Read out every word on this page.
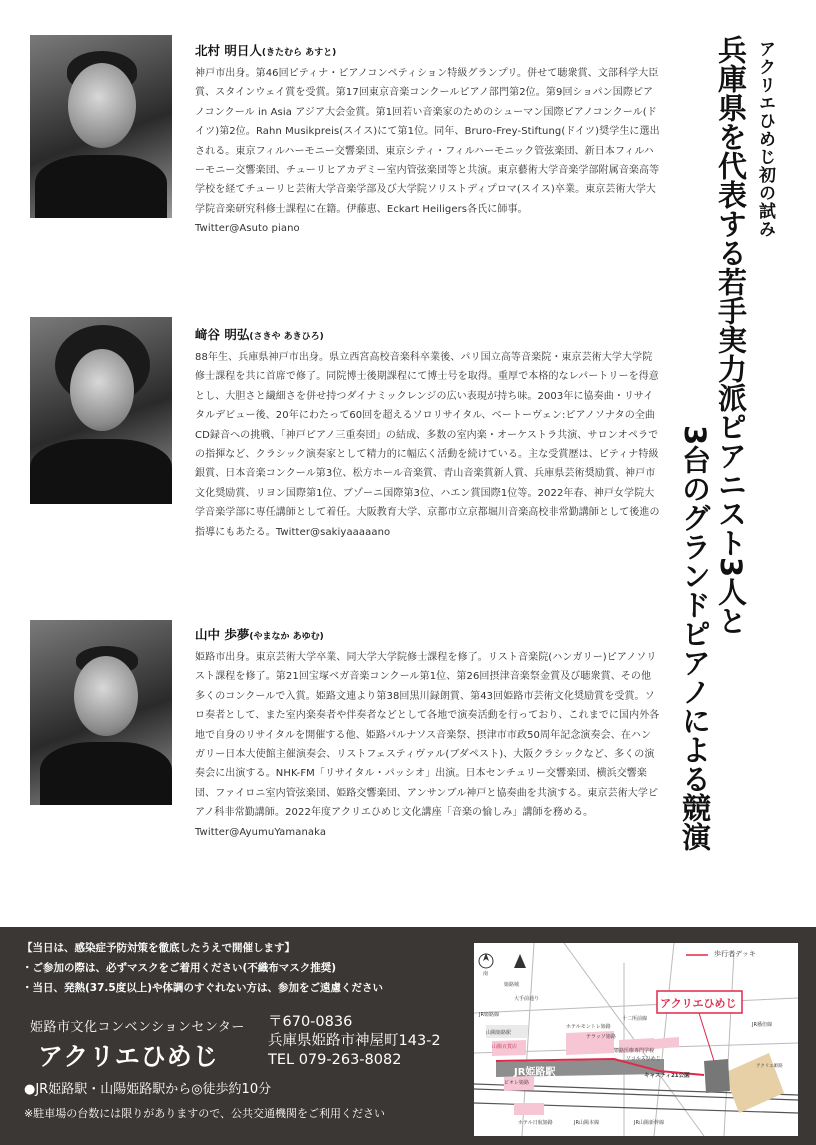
アクリエひめじ初の試み
兵庫県を代表する若手実力派ピアニスト3人と
3台のグランドピアノによる競演
北村 明日人(きたむら あすと)
神戸市出身。第46回ピティナ・ピアノコンペティション特級グランプリ。併せて聴衆賞、文部科学大臣賞、スタインウェイ賞を受賞。第17回東京音楽コンクールピアノ部門第2位。第9回ショパン国際ピアノコンクール in Asia アジア大会金賞。第1回若い音楽家のためのシューマン国際ピアノコンクール(ドイツ)第2位。Rahn Musikpreis(スイス)にて第1位。同年、Bruro-Frey-Stiftung(ドイツ)奨学生に選出される。東京フィルハーモニー交響楽団、東京シティ・フィルハーモニック管弦楽団、新日本フィルハーモニー交響楽団、チューリヒアカデミー室内管弦楽団等と共演。東京藝術大学音楽学部附属音楽高等学校を経てチューリヒ芸術大学音楽学部及び大学院ソリストディプロマ(スイス)卒業。東京芸術大学大学院音楽研究科修士課程に在籍。伊藤恵、Eckart Heiligers各氏に師事。
Twitter@Asuto piano
﨑谷 明弘(さきや あきひろ)
88年生、兵庫県神戸市出身。県立西宮高校音楽科卒業後、パリ国立高等音楽院・東京芸術大学大学院修士課程を共に首席で修了。同院博士後期課程にて博士号を取得。重厚で本格的なレパートリーを得意とし、大胆さと繊細さを併せ持つダイナミックレンジの広い表現が持ち味。2003年に協奏曲・リサイタルデビュー後、20年にわたって60回を超えるソロリサイタル、ベートーヴェン:ピアノソナタの全曲CD録音への挑戦、「神戸ピアノ三重奏団」の結成、多数の室内楽・オーケストラ共演、サロンオペラでの指揮など、クラシック演奏家として精力的に幅広く活動を続けている。主な受賞歴は、ピティナ特級銀賞、日本音楽コンクール第3位、松方ホール音楽賞、青山音楽賞新人賞、兵庫県芸術奨励賞、神戸市文化奨励賞、リヨン国際第1位、ブゾーニ国際第3位、ハエン賞国際1位等。2022年春、神戸女学院大学音楽学部に専任講師として着任。大阪教育大学、京都市立京都堀川音楽高校非常勤講師として後進の指導にもあたる。Twitter@sakiyaaaaano
山中 歩夢(やまなか あゆむ)
姫路市出身。東京芸術大学卒業、同大学大学院修士課程を修了。リスト音楽院(ハンガリー)ピアノソリスト課程を修了。第21回宝塚ベガ音楽コンクール第1位、第26回摂津音楽祭金賞及び聴衆賞、その他多くのコンクールで入賞。姫路文連より第38回黒川録朗賞、第43回姫路市芸術文化奨励賞を受賞。ソロ奏者として、また室内楽奏者や伴奏者などとして各地で演奏活動を行っており、これまでに国内外各地で自身のリサイタルを開催する他、姫路パルナソス音楽祭、摂津市市政50周年記念演奏会、在ハンガリー日本大使館主催演奏会、リストフェスティヴァル(ブダペスト)、大阪クラシックなど、多くの演奏会に出演する。NHK-FM「リサイタル・パッシオ」出演。日本センチュリー交響楽団、横浜交響楽団、ファイロニ室内管弦楽団、姫路交響楽団、アンサンブル神戸と協奏曲を共演する。東京芸術大学ピアノ科非常勤講師。2022年度アクリエひめじ文化講座「音楽の愉しみ」講師を務める。
Twitter@AyumuYamanaka
【当日は、感染症予防対策を徹底したうえで開催します】
・ご参加の際は、必ずマスクをご着用ください(不織布マスク推奨)
・当日、発熱(37.5度以上)や体調のすぐれない方は、参加をご遠慮ください
姫路市文化コンベンションセンター
アクリエひめじ
〒670-0836
兵庫県姫路市神屋町143-2
TEL 079-263-8082
●JR姫路駅・山陽姫路駅から◎徒歩約10分
※駐車場の台数には限りがありますので、公共交通機関をご利用ください
歩行者デッキ
アクリエひめじ
JR姫路駅
山陽姫路駅
山陽百貨店
ピオレ姫路
ホテルモントレ姫路
テラッソ姫路
姫路医療専門学校
ソコルスひめじ
キャスティ21公園
十二所前線
JR播但線
姫路城
大手前通り
JR山陽新幹線
JR山陽本線
ホテル日航姫路
JR姫路線
南
アクリエ姫路
